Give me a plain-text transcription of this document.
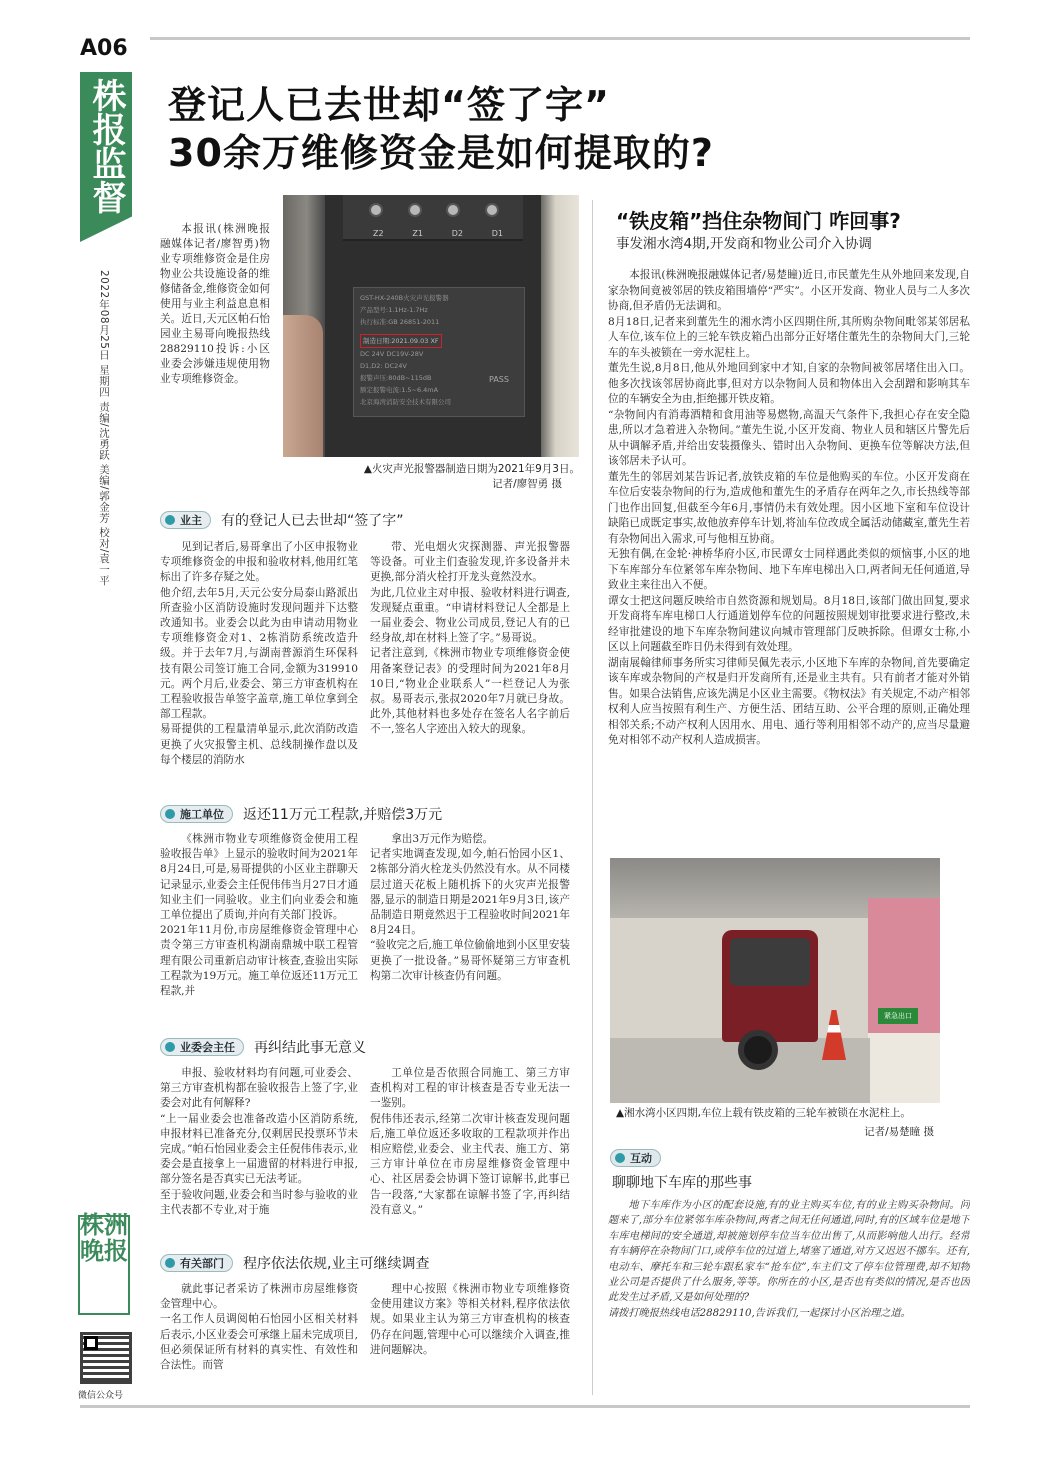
A06
株报监督
2022年08月25日 星期四 责编/沈勇跃 美编/郭金芳 校对/袁一平
株洲晚报
微信公众号
登记人已去世却“签了字”
30余万维修资金是如何提取的?

本报讯(株洲晚报融媒体记者/廖智勇)物业专项维修资金是住房物业公共设施设备的维修储备金,维修资金如何使用与业主利益息息相关。近日,天元区帕石怡园业主易哥向晚报热线28829110投诉:小区业委会涉嫌违规使用物业专项维修资金。

Z2	Z1	D2	D1
GST-HX-240B火灾声光报警器
产品型号:1.1Hz-1.7Hz
执行标准:GB 26851-2011
制造日期:2021.09.03 XF
DC 24V DC19V-28V
D1,D2: DC24V
报警声压:80dB~115dB
额定报警电流:1.5~6.4mA
北京海湾消防安全技术有限公司
PASS
▲火灾声光报警器制造日期为2021年9月3日。
记者/廖智勇 摄
业主 有的登记人已去世却“签了字”
见到记者后,易哥拿出了小区申报物业专项维修资金的申报和验收材料,他用红笔标出了许多存疑之处。
他介绍,去年5月,天元公安分局泰山路派出所查验小区消防设施时发现问题并下达整改通知书。业委会以此为由申请动用物业专项维修资金对1、2栋消防系统改造升级。并于去年7月,与湖南普源消生环保科技有限公司签订施工合同,金额为319910元。两个月后,业委会、第三方审查机构在工程验收报告单签字盖章,施工单位拿到全部工程款。
易哥提供的工程量清单显示,此次消防改造更换了火灾报警主机、总线制操作盘以及每个楼层的消防水
带、光电烟火灾探测器、声光报警器等设备。可业主们查验发现,许多设备并未更换,部分消火栓打开龙头竟然没水。
为此,几位业主对申报、验收材料进行调查,发现疑点重重。“申请材料登记人全都是上一届业委会、物业公司成员,登记人有的已经身故,却在材料上签了字。”易哥说。
记者注意到,《株洲市物业专项维修资金使用备案登记表》的受理时间为2021年8月10日,“物业企业联系人”一栏登记人为张叔。易哥表示,张叔2020年7月就已身故。此外,其他材料也多处存在签名人名字前后不一,签名人字迹出入较大的现象。
施工单位 返还11万元工程款,并赔偿3万元
《株洲市物业专项维修资金使用工程验收报告单》上显示的验收时间为2021年8月24日,可是,易哥提供的小区业主群聊天记录显示,业委会主任倪伟伟当月27日才通知业主们一同验收。业主们向业委会和施工单位提出了质询,并向有关部门投诉。
2021年11月份,市房屋维修资金管理中心责令第三方审查机构湖南鼎城中联工程管理有限公司重新启动审计核查,查验出实际工程款为19万元。施工单位返还11万元工程款,并
拿出3万元作为赔偿。
记者实地调查发现,如今,帕石怡园小区1、2栋部分消火栓龙头仍然没有水。从不同楼层过道天花板上随机拆下的火灾声光报警器,显示的制造日期是2021年9月3日,该产品制造日期竟然迟于工程验收时间2021年8月24日。
“验收完之后,施工单位偷偷地到小区里安装更换了一批设备。”易哥怀疑第三方审查机构第二次审计核查仍有问题。
业委会主任 再纠结此事无意义
申报、验收材料均有问题,可业委会、第三方审查机构都在验收报告上签了字,业委会对此有何解释?
“上一届业委会也准备改造小区消防系统,申报材料已准备充分,仅剩居民投票环节未完成。”帕石怡园业委会主任倪伟伟表示,业委会是直接拿上一届遗留的材料进行申报,部分签名是否真实已无法考证。
至于验收问题,业委会和当时参与验收的业主代表都不专业,对于施
工单位是否依照合同施工、第三方审查机构对工程的审计核查是否专业无法一一鉴别。
倪伟伟还表示,经第二次审计核查发现问题后,施工单位返还多收取的工程款项并作出相应赔偿,业委会、业主代表、施工方、第三方审计单位在市房屋维修资金管理中心、社区居委会协调下签订谅解书,此事已告一段落,“大家都在谅解书签了字,再纠结没有意义。”
有关部门 程序依法依规,业主可继续调查
就此事记者采访了株洲市房屋维修资金管理中心。
一名工作人员调阅帕石怡园小区相关材料后表示,小区业委会可承继上届未完成项目,但必须保证所有材料的真实性、有效性和合法性。而管
理中心按照《株洲市物业专项维修资金使用建议方案》等相关材料,程序依法依规。如果业主认为第三方审查机构的核查仍存在问题,管理中心可以继续介入调查,推进问题解决。
“铁皮箱”挡住杂物间门 咋回事?
事发湘水湾4期,开发商和物业公司介入协调
本报讯(株洲晚报融媒体记者/易楚瞳)近日,市民董先生从外地回来发现,自家杂物间竟被邻居的铁皮箱围墙停“严实”。小区开发商、物业人员与二人多次协商,但矛盾仍无法调和。
8月18日,记者来到董先生的湘水湾小区四期住所,其所购杂物间毗邻某邻居私人车位,该车位上的三轮车铁皮箱凸出部分正好堵住董先生的杂物间大门,三轮车的车头被锁在一旁水泥柱上。
董先生说,8月8日,他从外地回到家中才知,自家的杂物间被邻居堵住出入口。他多次找该邻居协商此事,但对方以杂物间人员和物体出入会刮蹭和影响其车位的车辆安全为由,拒绝挪开铁皮箱。
“杂物间内有消毒酒精和食用油等易燃物,高温天气条件下,我担心存在安全隐患,所以才急着进入杂物间。”董先生说,小区开发商、物业人员和辖区片警先后从中调解矛盾,并给出安装摄像头、错时出入杂物间、更换车位等解决方法,但该邻居未予认可。
董先生的邻居刘某告诉记者,放铁皮箱的车位是他购买的车位。小区开发商在车位后安装杂物间的行为,造成他和董先生的矛盾存在两年之久,市长热线等部门也作出回复,但截至今年6月,事情仍未有效处理。因小区地下室和车位设计缺陷已成既定事实,故他放弃停车计划,将汕车位改成全属活动储藏室,董先生若有杂物间出入需求,可与他相互协商。
无独有偶,在金轮·神桥华府小区,市民谭女士同样遇此类似的烦恼事,小区的地下车库部分车位紧邻车库杂物间、地下车库电梯出入口,两者间无任何通道,导致业主来往出入不便。
谭女士把这问题反映给市自然资源和规划局。8月18日,该部门做出回复,要求开发商将车库电梯口人行通道划停车位的问题按照规划审批要求进行整改,未经审批建设的地下车库杂物间建议向城市管理部门反映拆除。但谭女士称,小区以上问题截至昨日仍未得到有效处理。
湖南展翰律师事务所实习律师吴佩先表示,小区地下车库的杂物间,首先要确定该车库或杂物间的产权是归开发商所有,还是业主共有。只有前者才能对外销售。如果合法销售,应该先满足小区业主需要。《物权法》有关规定,不动产相邻权利人应当按照有利生产、方便生活、团结互助、公平合理的原则,正确处理相邻关系;不动产权利人因用水、用电、通行等利用相邻不动产的,应当尽量避免对相邻不动产权利人造成损害。
紧急出口
▲湘水湾小区四期,车位上载有铁皮箱的三轮车被锁在水泥柱上。
记者/易楚瞳 摄
互动
聊聊地下车库的那些事
地下车库作为小区的配套设施,有的业主购买车位,有的业主购买杂物间。问题来了,部分车位紧邻车库杂物间,两者之间无任何通道,同时,有的区域车位是地下车库电梯间的安全通道,却被施划停车位当车位出售了,从而影响他人出行。经常有车辆停在杂物间门口,或停车位的过道上,堵塞了通道,对方又迟迟不挪车。还有,电动车、摩托车和三轮车跟私家车“抢车位”,车主们文了停车位管理费,却不知物业公司是否提供了什么服务,等等。你所在的小区,是否也有类似的情况,是否也因此发生过矛盾,又是如何处理的?
请拨打晚报热线电话28829110,告诉我们,一起探讨小区治理之道。
